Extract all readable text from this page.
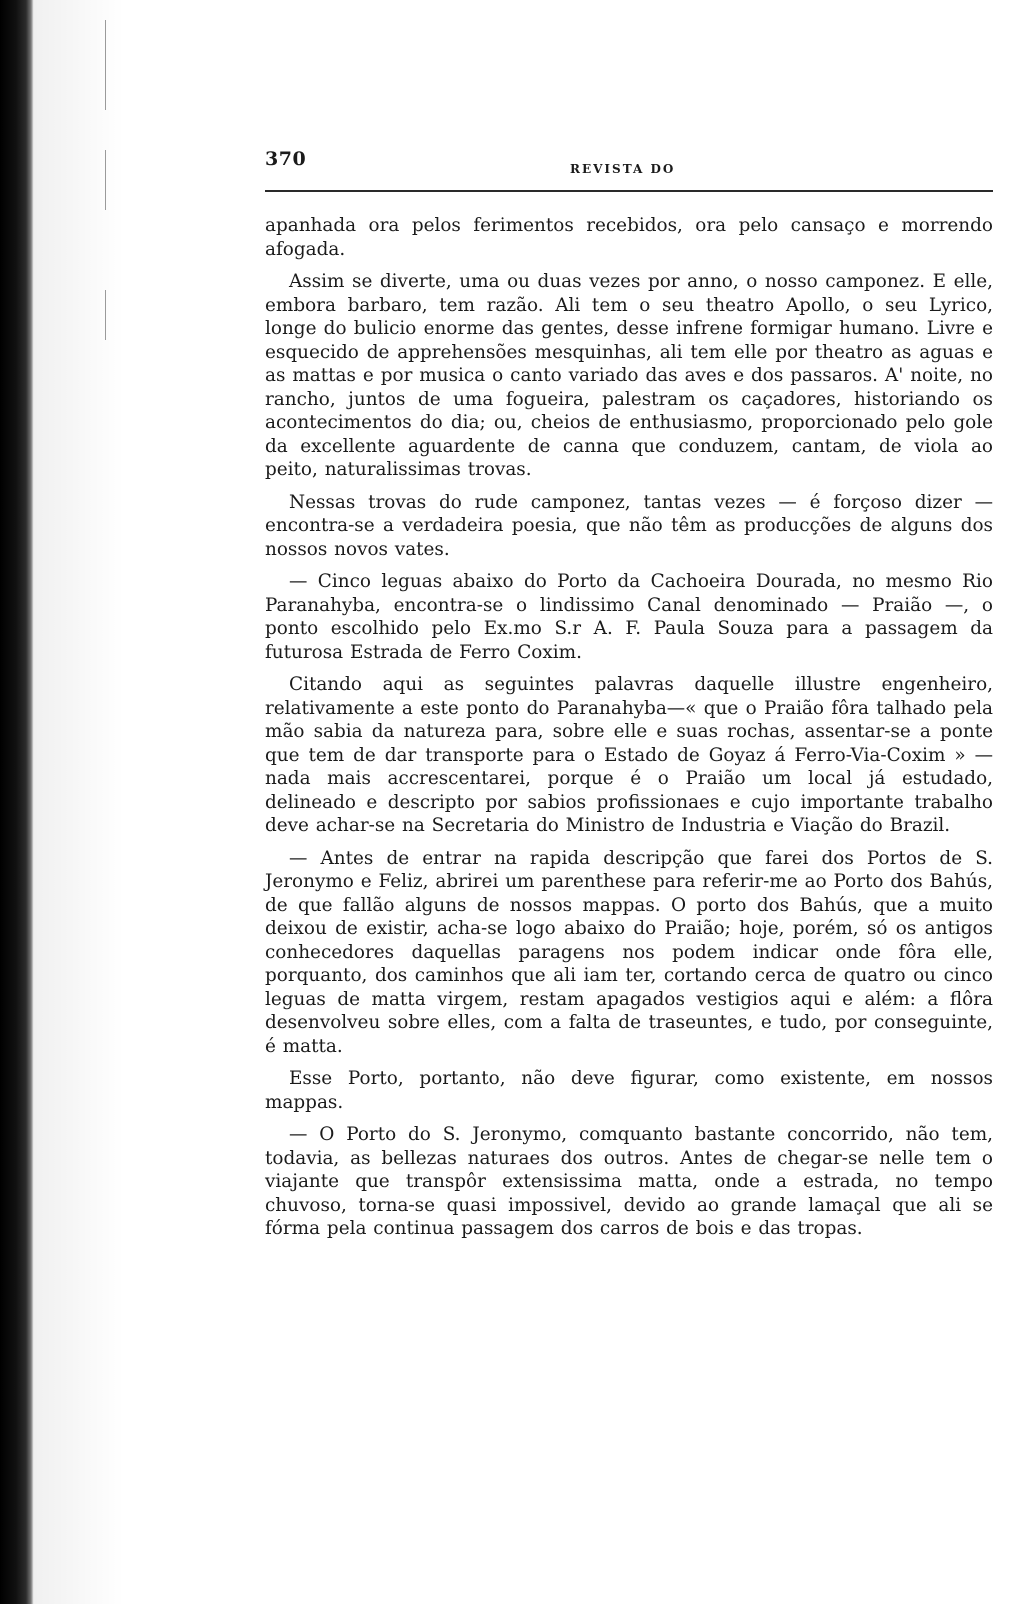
370	REVISTA DO

apanhada ora pelos ferimentos recebidos, ora pelo cansaço e morrendo afogada.

Assim se diverte, uma ou duas vezes por anno, o nosso camponez. E elle, embora barbaro, tem razão. Ali tem o seu theatro Apollo, o seu Lyrico, longe do bulicio enorme das gentes, desse infrene formigar humano. Livre e esquecido de apprehensões mesquinhas, ali tem elle por theatro as aguas e as mattas e por musica o canto variado das aves e dos passaros. A' noite, no rancho, juntos de uma fogueira, palestram os caçadores, historiando os acontecimentos do dia; ou, cheios de enthusiasmo, proporcionado pelo gole da excellente aguardente de canna que conduzem, cantam, de viola ao peito, naturalissimas trovas.

Nessas trovas do rude camponez, tantas vezes — é forçoso dizer — encontra-se a verdadeira poesia, que não têm as producções de alguns dos nossos novos vates.

— Cinco leguas abaixo do Porto da Cachoeira Dourada, no mesmo Rio Paranahyba, encontra-se o lindissimo Canal denominado — Praião —, o ponto escolhido pelo Ex.mo S.r A. F. Paula Souza para a passagem da futurosa Estrada de Ferro Coxim.

Citando aqui as seguintes palavras daquelle illustre engenheiro, relativamente a este ponto do Paranahyba—« que o Praião fôra talhado pela mão sabia da natureza para, sobre elle e suas rochas, assentar-se a ponte que tem de dar transporte para o Estado de Goyaz á Ferro-Via-Coxim » — nada mais accrescentarei, porque é o Praião um local já estudado, delineado e descripto por sabios profissionaes e cujo importante trabalho deve achar-se na Secretaria do Ministro de Industria e Viação do Brazil.

— Antes de entrar na rapida descripção que farei dos Portos de S. Jeronymo e Feliz, abrirei um parenthese para referir-me ao Porto dos Bahús, de que fallão alguns de nossos mappas. O porto dos Bahús, que a muito deixou de existir, acha-se logo abaixo do Praião; hoje, porém, só os antigos conhecedores daquellas paragens nos podem indicar onde fôra elle, porquanto, dos caminhos que ali iam ter, cortando cerca de quatro ou cinco leguas de matta virgem, restam apagados vestigios aqui e além: a flôra desenvolveu sobre elles, com a falta de traseuntes, e tudo, por conseguinte, é matta.

Esse Porto, portanto, não deve figurar, como existente, em nossos mappas.

— O Porto do S. Jeronymo, comquanto bastante concorrido, não tem, todavia, as bellezas naturaes dos outros. Antes de chegar-se nelle tem o viajante que transpôr extensissima matta, onde a estrada, no tempo chuvoso, torna-se quasi impossivel, devido ao grande lamaçal que ali se fórma pela continua passagem dos carros de bois e das tropas.
